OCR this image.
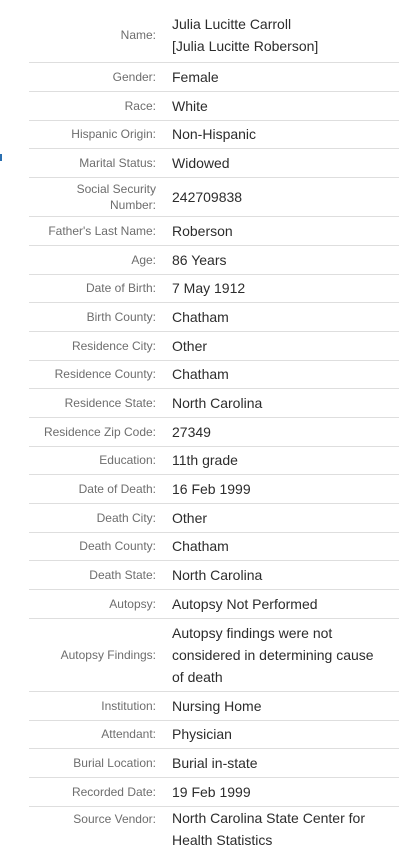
Name:	Julia Lucitte Carroll
[Julia Lucitte Roberson]

Gender:	Female
Race:	White
Hispanic Origin:	Non-Hispanic
Marital Status:	Widowed

Social Security
Number:	242709838
Father's Last Name:	Roberson
Age:	86 Years
Date of Birth:	7 May 1912
Birth County:	Chatham
Residence City:	Other
Residence County:	Chatham
Residence State:	North Carolina
Residence Zip Code:	27349
Education:	11th grade
Date of Death:	16 Feb 1999
Death City:	Other
Death County:	Chatham
Death State:	North Carolina
Autopsy:	Autopsy Not Performed
Autopsy Findings:	Autopsy findings were not
considered in determining cause
of death

Institution:	Nursing Home
Attendant:	Physician
Burial Location:	Burial in-state
Recorded Date:	19 Feb 1999
Source Vendor:	North Carolina State Center for
Health Statistics
